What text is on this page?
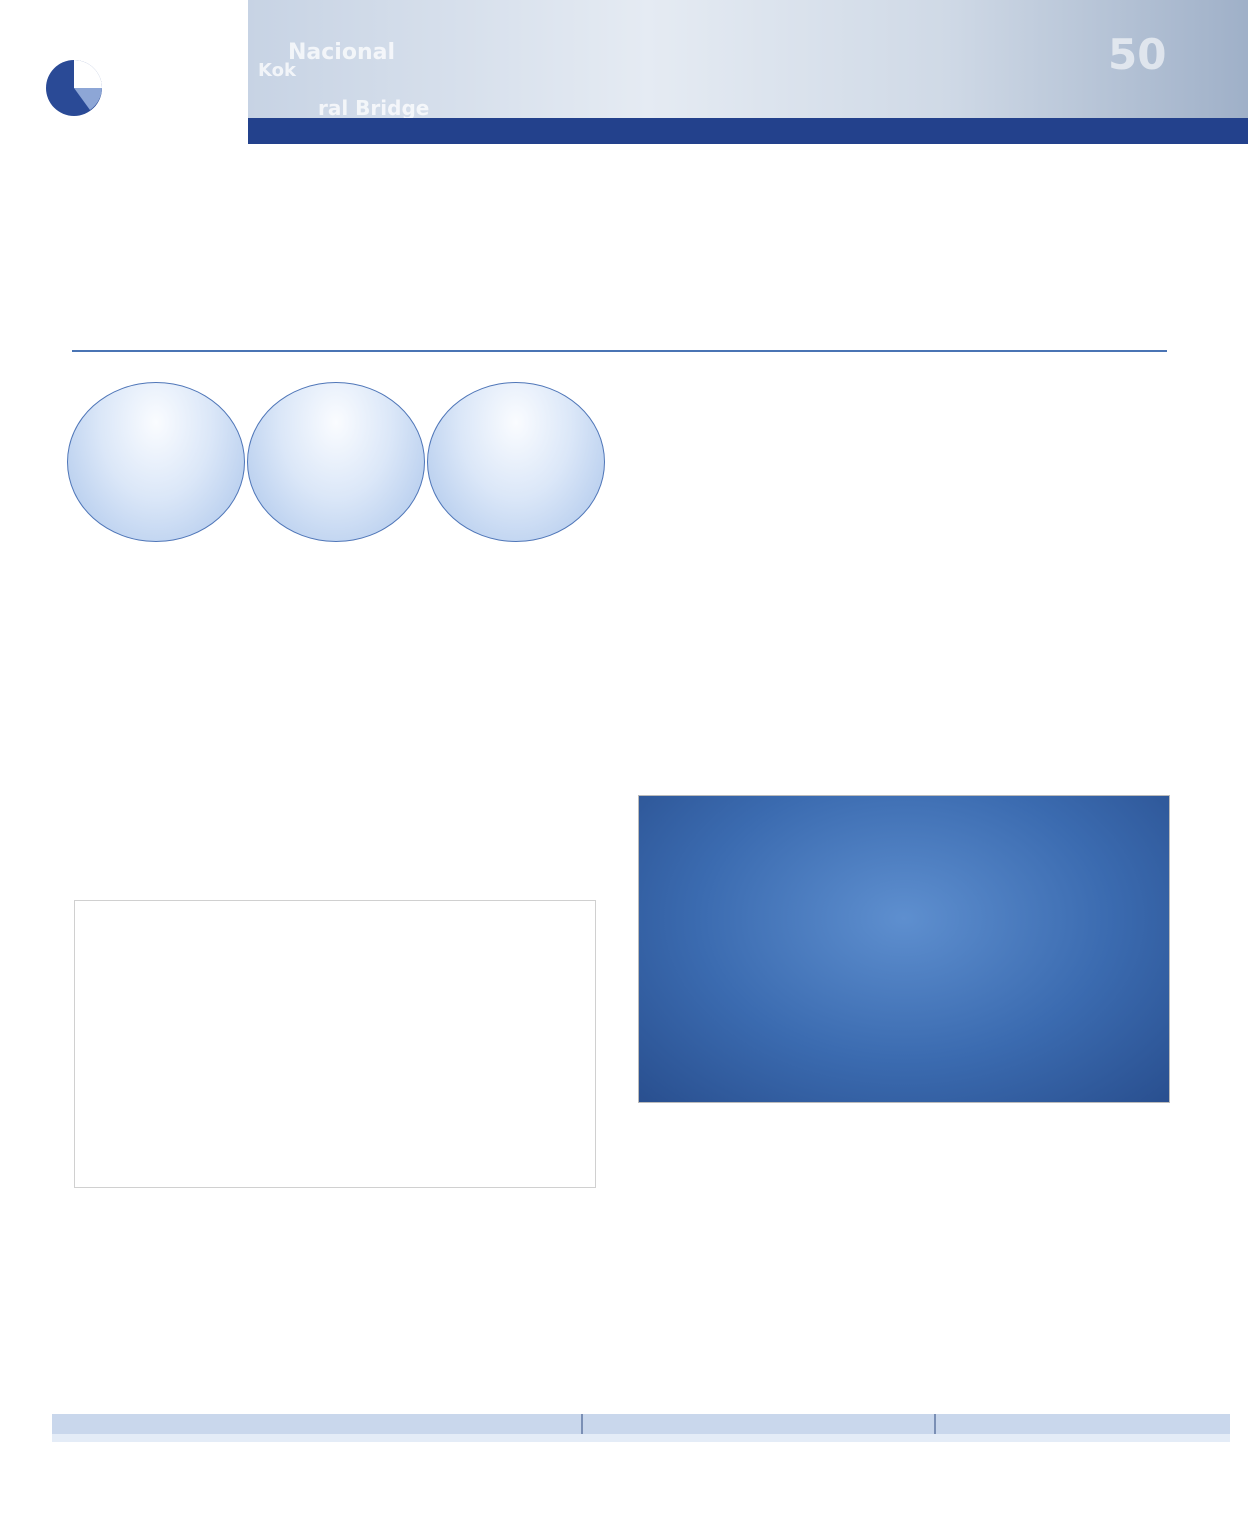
Nacional
Kok
ral Bridge
50
